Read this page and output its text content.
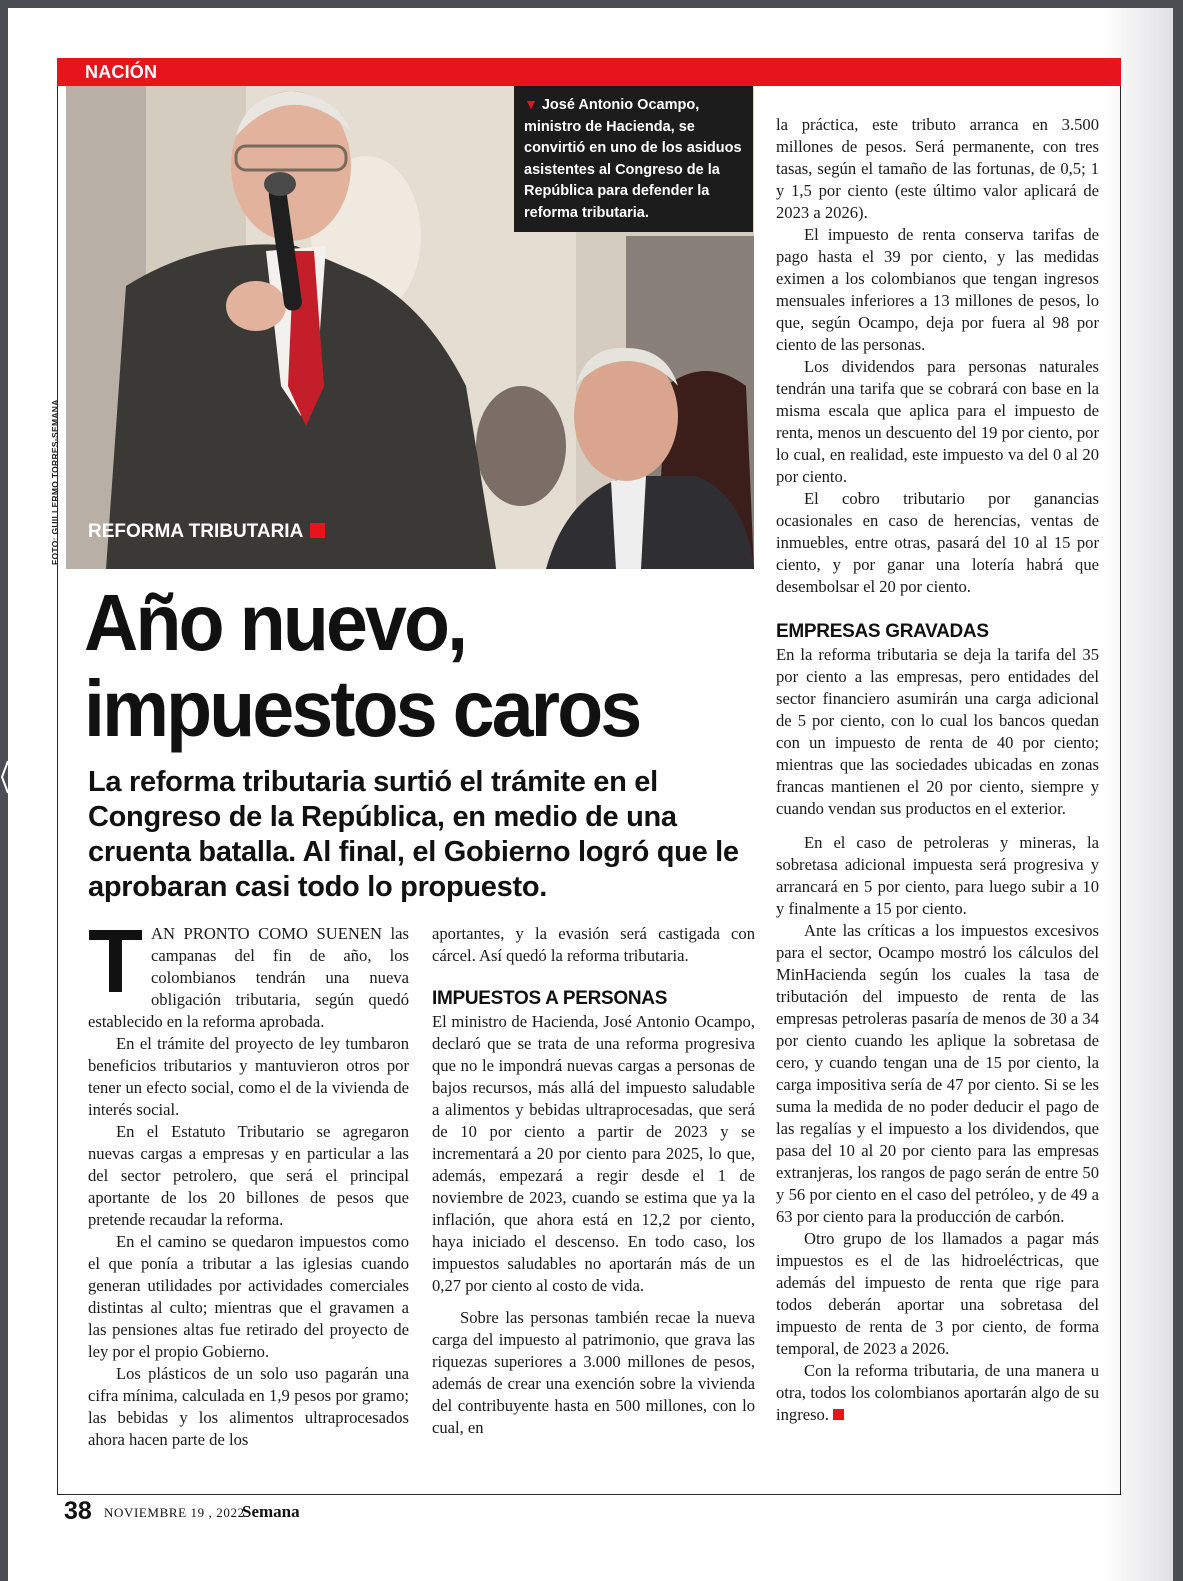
NACIÓN
REFORMA TRIBUTARIA
▼ José Antonio Ocampo, ministro de Hacienda, se convirtió en uno de los asiduos asistentes al Congreso de la República para defender la reforma tributaria.
FOTO: GUILLERMO TORRES-SEMANA
Año nuevo,
impuestos caros
La reforma tributaria surtió el trámite en el Congreso de la República, en medio de una cruenta batalla. Al final, el Gobierno logró que le aprobaran casi todo lo propuesto.

TAN PRONTO COMO SUENEN las campanas del fin de año, los colombianos tendrán una nueva obligación tributaria, según quedó establecido en la reforma aprobada.

En el trámite del proyecto de ley tumbaron beneficios tributarios y mantuvieron otros por tener un efecto social, como el de la vivienda de interés social.

En el Estatuto Tributario se agregaron nuevas cargas a empresas y en particular a las del sector petrolero, que será el principal aportante de los 20 billones de pesos que pretende recaudar la reforma.

En el camino se quedaron impuestos como el que ponía a tributar a las iglesias cuando generan utilidades por actividades comerciales distintas al culto; mientras que el gravamen a las pensiones altas fue retirado del proyecto de ley por el propio Gobierno.

Los plásticos de un solo uso pagarán una cifra mínima, calculada en 1,9 pesos por gramo; las bebidas y los alimentos ultraprocesados ahora hacen parte de los

aportantes, y la evasión será castigada con cárcel. Así quedó la reforma tributaria.

IMPUESTOS A PERSONAS

El ministro de Hacienda, José Antonio Ocampo, declaró que se trata de una reforma progresiva que no le impondrá nuevas cargas a personas de bajos recursos, más allá del impuesto saludable a alimentos y bebidas ultraprocesadas, que será de 10 por ciento a partir de 2023 y se incrementará a 20 por ciento para 2025, lo que, además, empezará a regir desde el 1 de noviembre de 2023, cuando se estima que ya la inflación, que ahora está en 12,2 por ciento, haya iniciado el descenso. En todo caso, los impuestos saludables no aportarán más de un 0,27 por ciento al costo de vida.

Sobre las personas también recae la nueva carga del impuesto al patrimonio, que grava las riquezas superiores a 3.000 millones de pesos, además de crear una exención sobre la vivienda del contribuyente hasta en 500 millones, con lo cual, en

la práctica, este tributo arranca en 3.500 millones de pesos. Será permanente, con tres tasas, según el tamaño de las fortunas, de 0,5; 1 y 1,5 por ciento (este último valor aplicará de 2023 a 2026).

El impuesto de renta conserva tarifas de pago hasta el 39 por ciento, y las medidas eximen a los colombianos que tengan ingresos mensuales inferiores a 13 millones de pesos, lo que, según Ocampo, deja por fuera al 98 por ciento de las personas.

Los dividendos para personas naturales tendrán una tarifa que se cobrará con base en la misma escala que aplica para el impuesto de renta, menos un descuento del 19 por ciento, por lo cual, en realidad, este impuesto va del 0 al 20 por ciento.

El cobro tributario por ganancias ocasionales en caso de herencias, ventas de inmuebles, entre otras, pasará del 10 al 15 por ciento, y por ganar una lotería habrá que desembolsar el 20 por ciento.

EMPRESAS GRAVADAS

En la reforma tributaria se deja la tarifa del 35 por ciento a las empresas, pero entidades del sector financiero asumirán una carga adicional de 5 por ciento, con lo cual los bancos quedan con un impuesto de renta de 40 por ciento; mientras que las sociedades ubicadas en zonas francas mantienen el 20 por ciento, siempre y cuando vendan sus productos en el exterior.

En el caso de petroleras y mineras, la sobretasa adicional impuesta será progresiva y arrancará en 5 por ciento, para luego subir a 10 y finalmente a 15 por ciento.

Ante las críticas a los impuestos excesivos para el sector, Ocampo mostró los cálculos del MinHacienda según los cuales la tasa de tributación del impuesto de renta de las empresas petroleras pasaría de menos de 30 a 34 por ciento cuando les aplique la sobretasa de cero, y cuando tengan una de 15 por ciento, la carga impositiva sería de 47 por ciento. Si se les suma la medida de no poder deducir el pago de las regalías y el impuesto a los dividendos, que pasa del 10 al 20 por ciento para las empresas extranjeras, los rangos de pago serán de entre 50 y 56 por ciento en el caso del petróleo, y de 49 a 63 por ciento para la producción de carbón.

Otro grupo de los llamados a pagar más impuestos es el de las hidroeléctricas, que además del impuesto de renta que rige para todos deberán aportar una sobretasa del impuesto de renta de 3 por ciento, de forma temporal, de 2023 a 2026.

Con la reforma tributaria, de una manera u otra, todos los colombianos aportarán algo de su ingreso.

38 NOVIEMBRE 19 , 2022
Semana
